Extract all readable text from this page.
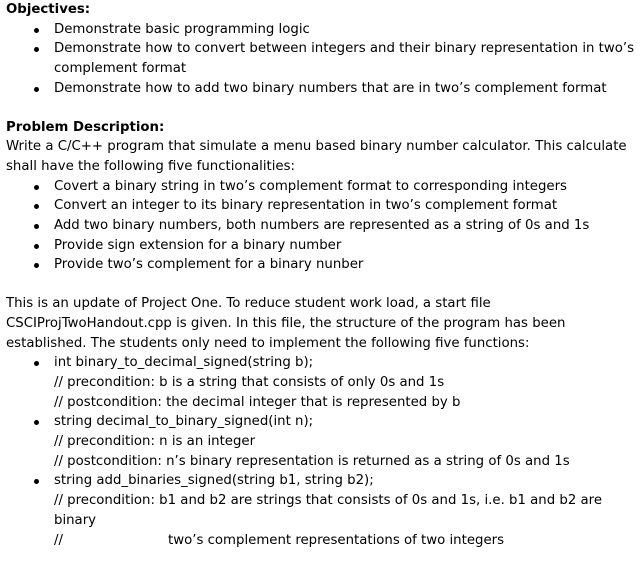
Objectives:

Demonstrate basic programming logic
Demonstrate how to convert between integers and their binary representation in two’s complement format
Demonstrate how to add two binary numbers that are in two’s complement format

Problem Description:

Write a C/C++ program that simulate a menu based binary number calculator. This calculate shall have the following five functionalities:

Covert a binary string in two’s complement format to corresponding integers
Convert an integer to its binary representation in two’s complement format
Add two binary numbers, both numbers are represented as a string of 0s and 1s
Provide sign extension for a binary number
Provide two’s complement for a binary nunber

This is an update of Project One. To reduce student work load, a start file CSCIProjTwoHandout.cpp is given. In this file, the structure of the program has been established. The students only need to implement the following five functions:

int binary_to_decimal_signed(string b);
// precondition: b is a string that consists of only 0s and 1s
// postcondition: the decimal integer that is represented by b
string decimal_to_binary_signed(int n);
// precondition: n is an integer
// postcondition: n’s binary representation is returned as a string of 0s and 1s
string add_binaries_signed(string b1, string b2);
// precondition: b1 and b2 are strings that consists of 0s and 1s, i.e. b1 and b2 are binary
//	two’s complement representations of two integers
